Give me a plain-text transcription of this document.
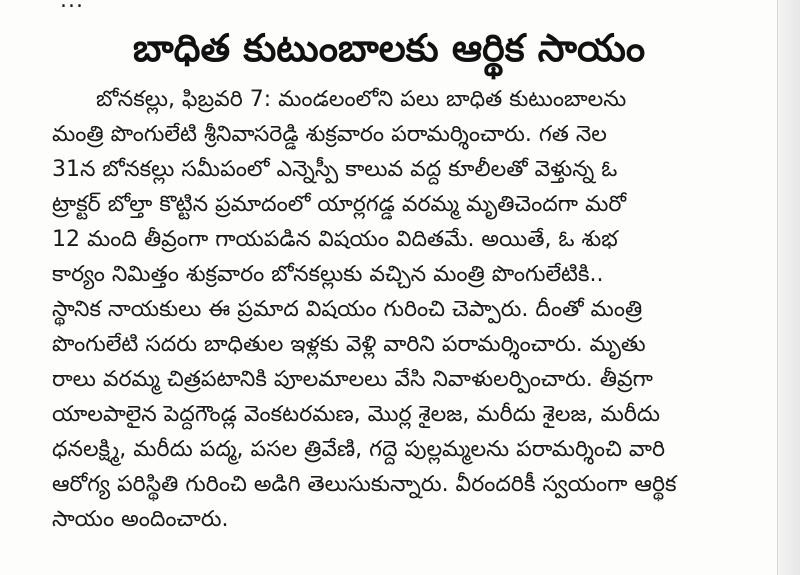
...
బాధిత కుటుంబాలకు ఆర్థిక సాయం
బోనకల్లు, ఫిబ్రవరి 7: మండలంలోని పలు బాధిత కుటుంబాలను
మంత్రి పొంగులేటి శ్రీనివాసరెడ్డి శుక్రవారం పరామర్శించారు. గత నెల
31న బోనకల్లు సమీపంలో ఎన్నెస్పీ కాలువ వద్ద కూలీలతో వెళ్తున్న ఓ
ట్రాక్టర్ బోల్తా కొట్టిన ప్రమాదంలో యార్లగడ్డ వరమ్మ మృతిచెందగా మరో
12 మంది తీవ్రంగా గాయపడిన విషయం విదితమే. అయితే, ఓ శుభ
కార్యం నిమిత్తం శుక్రవారం బోనకల్లుకు వచ్చిన మంత్రి పొంగులేటికి..
స్థానిక నాయకులు ఈ ప్రమాద విషయం గురించి చెప్పారు. దీంతో మంత్రి
పొంగులేటి సదరు బాధితుల ఇళ్లకు వెళ్లి వారిని పరామర్శించారు. మృతు
రాలు వరమ్మ చిత్రపటానికి పూలమాలలు వేసి నివాళులర్పించారు. తీవ్రగా
యాలపాలైన పెద్దగౌండ్ల వెంకటరమణ, మొర్ల శైలజ, మరీదు శైలజ, మరీదు
ధనలక్ష్మి, మరీదు పద్మ, పసల త్రివేణి, గద్దె పుల్లమ్మలను పరామర్శించి వారి
ఆరోగ్య పరిస్థితి గురించి అడిగి తెలుసుకున్నారు. వీరందరికీ స్వయంగా ఆర్థిక
సాయం అందించారు.
